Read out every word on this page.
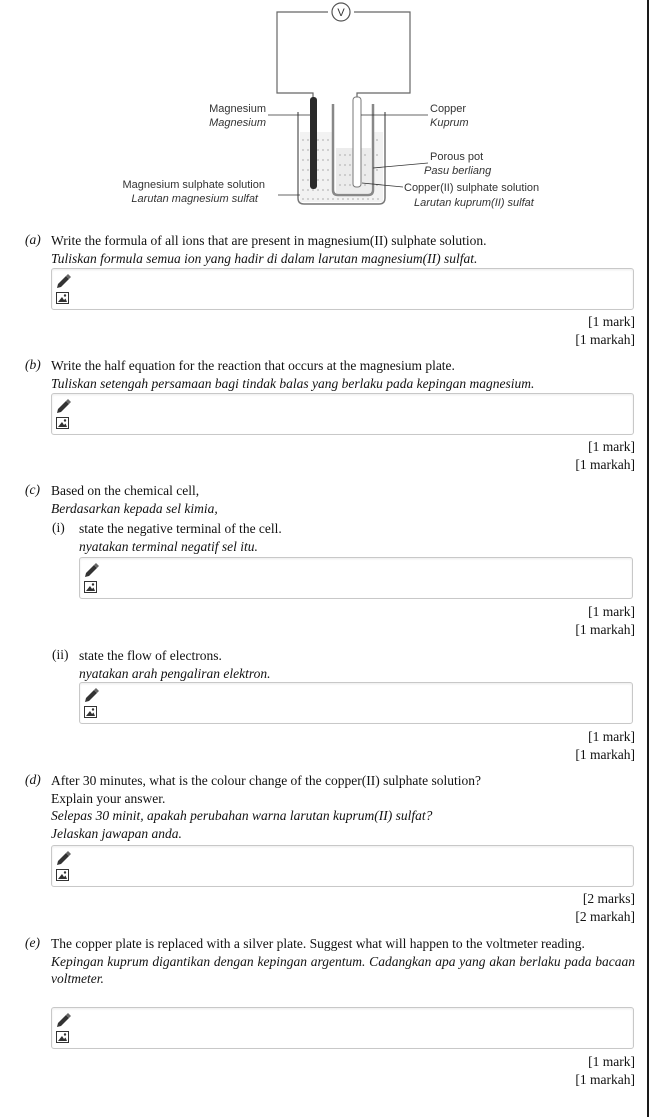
V
Magnesium
Magnesium
Magnesium sulphate solution
Larutan magnesium sulfat
Copper
Kuprum
Porous pot
Pasu berliang
Copper(II) sulphate solution
Larutan kuprum(II) sulfat
(a) Write the formula of all ions that are present in magnesium(II) sulphate solution.
Tuliskan formula semua ion yang hadir di dalam larutan magnesium(II) sulfat.
[1 mark]
[1 markah]
(b) Write the half equation for the reaction that occurs at the magnesium plate.
Tuliskan setengah persamaan bagi tindak balas yang berlaku pada kepingan magnesium.
[1 mark]
[1 markah]
(c) Based on the chemical cell,
Berdasarkan kepada sel kimia,
(i) state the negative terminal of the cell.
nyatakan terminal negatif sel itu.
[1 mark]
[1 markah]
(ii) state the flow of electrons.
nyatakan arah pengaliran elektron.
[1 mark]
[1 markah]
(d) After 30 minutes, what is the colour change of the copper(II) sulphate solution?
Explain your answer.
Selepas 30 minit, apakah perubahan warna larutan kuprum(II) sulfat?
Jelaskan jawapan anda.
[2 marks]
[2 markah]
(e) The copper plate is replaced with a silver plate. Suggest what will happen to the voltmeter reading.
Kepingan kuprum digantikan dengan kepingan argentum. Cadangkan apa yang akan berlaku pada bacaan voltmeter.
[1 mark]
[1 markah]
